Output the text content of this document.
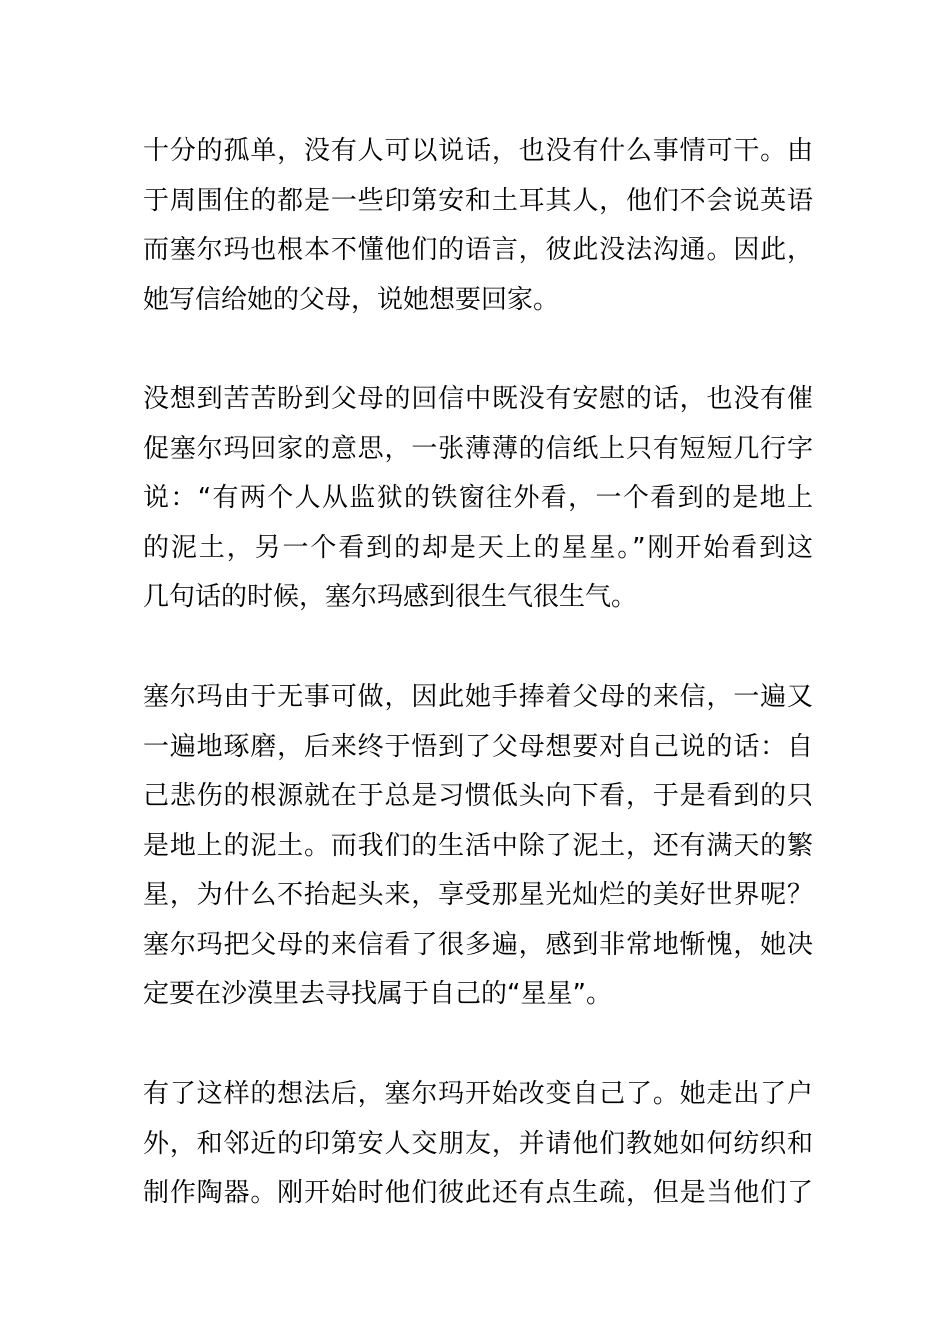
十分的孤单，没有人可以说话，也没有什么事情可干。由
于周围住的都是一些印第安和土耳其人，他们不会说英语
而塞尔玛也根本不懂他们的语言，彼此没法沟通。因此，
她写信给她的父母，说她想要回家。
没想到苦苦盼到父母的回信中既没有安慰的话，也没有催
促塞尔玛回家的意思，一张薄薄的信纸上只有短短几行字
说：“有两个人从监狱的铁窗往外看，一个看到的是地上
的泥土，另一个看到的却是天上的星星。”刚开始看到这
几句话的时候，塞尔玛感到很生气很生气。
塞尔玛由于无事可做，因此她手捧着父母的来信，一遍又
一遍地琢磨，后来终于悟到了父母想要对自己说的话：自
己悲伤的根源就在于总是习惯低头向下看，于是看到的只
是地上的泥土。而我们的生活中除了泥土，还有满天的繁
星，为什么不抬起头来，享受那星光灿烂的美好世界呢？
塞尔玛把父母的来信看了很多遍，感到非常地惭愧，她决
定要在沙漠里去寻找属于自己的“星星”。
有了这样的想法后，塞尔玛开始改变自己了。她走出了户
外，和邻近的印第安人交朋友，并请他们教她如何纺织和
制作陶器。刚开始时他们彼此还有点生疏，但是当他们了
